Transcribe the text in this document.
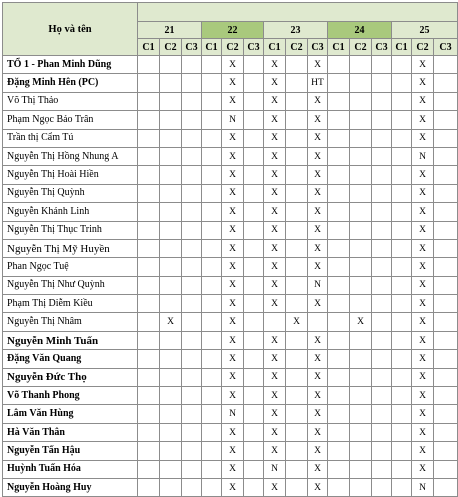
Họ và tên															
	21			22			23			24			25		
	C1	C2	C3	C1	C2	C3	C1	C2	C3	C1	C2	C3	C1	C2	C3
TỔ 1 - Phan Minh Dũng					X		X		X					X	
Đặng Minh Hên (PC)					X		X		HT					X	
Võ Thị Thảo					X		X		X					X	
Phạm Ngọc Bảo Trân					N		X		X					X	
Trần thị Cẩm Tú					X		X		X					X	
Nguyễn Thị Hồng Nhung A					X		X		X					N	
Nguyễn Thị Hoài Hiền					X		X		X					X	
Nguyễn Thị Quỳnh					X		X		X					X	
Nguyễn Khánh Linh					X		X		X					X	
Nguyễn Thị Thục Trinh					X		X		X					X	
Nguyễn Thị Mỹ Huyền					X		X		X					X	
Phan Ngọc Tuệ					X		X		X					X	
Nguyễn Thị Như Quỳnh					X		X		N					X	
Phạm Thị Diễm Kiều					X		X		X					X	
Nguyễn Thị Nhâm		X			X			X			X			X	
Nguyễn Minh Tuấn					X		X		X					X	
Đặng Văn Quang					X		X		X					X	
Nguyễn Đức Thọ					X		X		X					X	
Võ Thanh Phong					X		X		X					X	
Lâm Văn Hùng					N		X		X					X	
Hà Văn Thân					X		X		X					X	
Nguyễn Tấn Hậu					X		X		X					X	
Huỳnh Tuấn Hóa					X		N		X					X	
Nguyễn Hoàng Huy					X		X		X					N	
